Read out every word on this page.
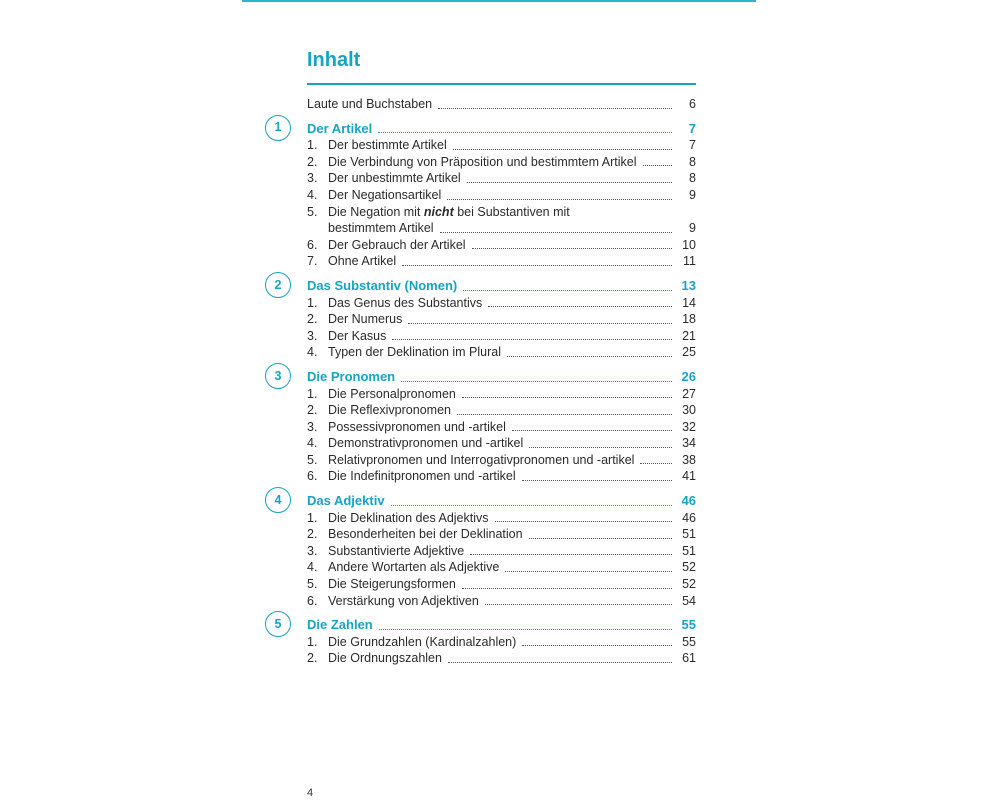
Inhalt
Laute und Buchstaben	6
1	Der Artikel	7
1. Der bestimmte Artikel	7
2. Die Verbindung von Präposition und bestimmtem Artikel	8
3. Der unbestimmte Artikel	8
4. Der Negationsartikel	9
5. Die Negation mit nicht bei Substantiven mit
bestimmtem Artikel	9
6. Der Gebrauch der Artikel	10
7. Ohne Artikel	11
2	Das Substantiv (Nomen)	13
1. Das Genus des Substantivs	14
2. Der Numerus	18
3. Der Kasus	21
4. Typen der Deklination im Plural	25
3	Die Pronomen	26
1. Die Personalpronomen	27
2. Die Reflexivpronomen	30
3. Possessivpronomen und -artikel	32
4. Demonstrativpronomen und -artikel	34
5. Relativpronomen und Interrogativpronomen und -artikel	38
6. Die Indefinitpronomen und -artikel	41
4	Das Adjektiv	46
1. Die Deklination des Adjektivs	46
2. Besonderheiten bei der Deklination	51
3. Substantivierte Adjektive	51
4. Andere Wortarten als Adjektive	52
5. Die Steigerungsformen	52
6. Verstärkung von Adjektiven	54
5	Die Zahlen	55
1. Die Grundzahlen (Kardinalzahlen)	55
2. Die Ordnungszahlen	61
4
